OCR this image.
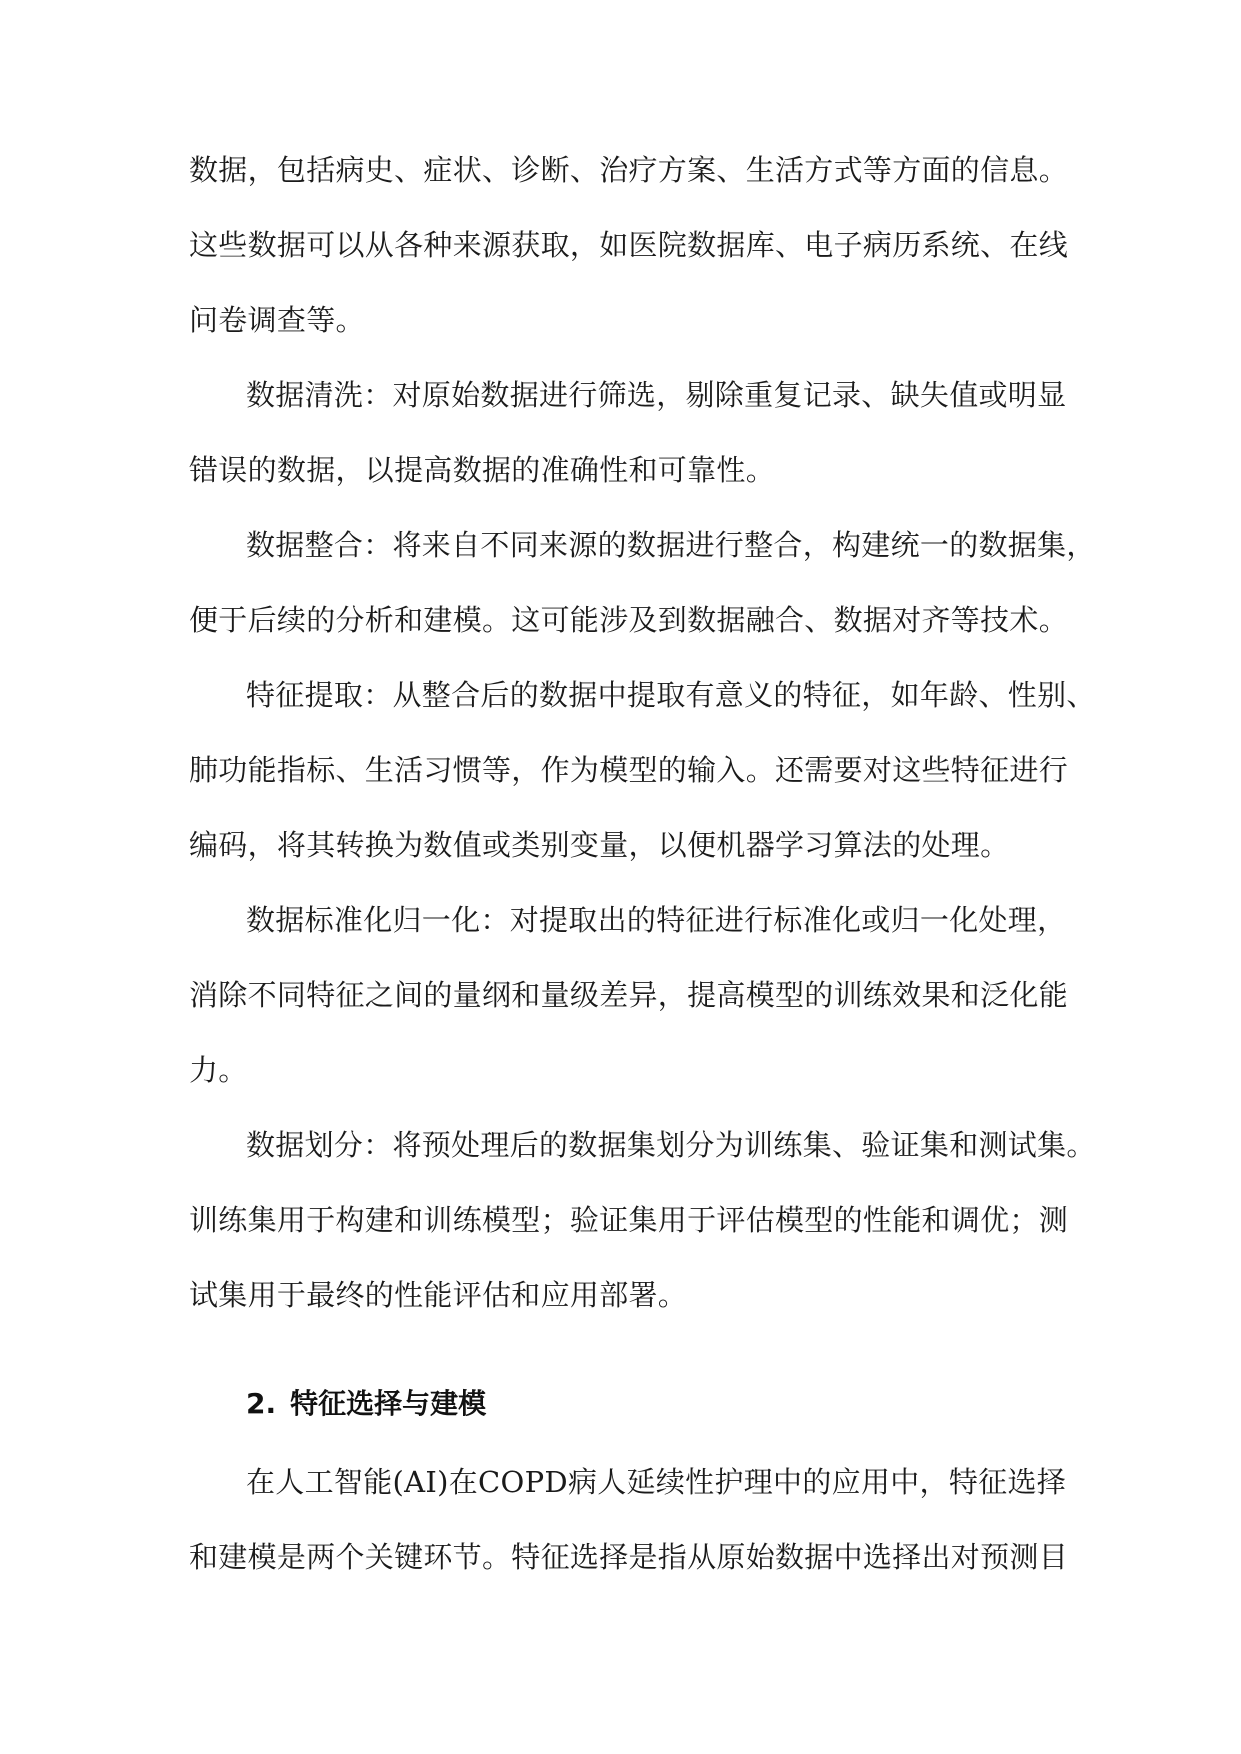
数据，包括病史、症状、诊断、治疗方案、生活方式等方面的信息。
这些数据可以从各种来源获取，如医院数据库、电子病历系统、在线
问卷调查等。
数据清洗：对原始数据进行筛选，剔除重复记录、缺失值或明显
错误的数据，以提高数据的准确性和可靠性。
数据整合：将来自不同来源的数据进行整合，构建统一的数据集，
便于后续的分析和建模。这可能涉及到数据融合、数据对齐等技术。
特征提取：从整合后的数据中提取有意义的特征，如年龄、性别、
肺功能指标、生活习惯等，作为模型的输入。还需要对这些特征进行
编码，将其转换为数值或类别变量，以便机器学习算法的处理。
数据标准化归一化：对提取出的特征进行标准化或归一化处理，
消除不同特征之间的量纲和量级差异，提高模型的训练效果和泛化能
力。
数据划分：将预处理后的数据集划分为训练集、验证集和测试集。
训练集用于构建和训练模型；验证集用于评估模型的性能和调优；测
试集用于最终的性能评估和应用部署。
2. 特征选择与建模
在人工智能(AI)在COPD病人延续性护理中的应用中，特征选择
和建模是两个关键环节。特征选择是指从原始数据中选择出对预测目
